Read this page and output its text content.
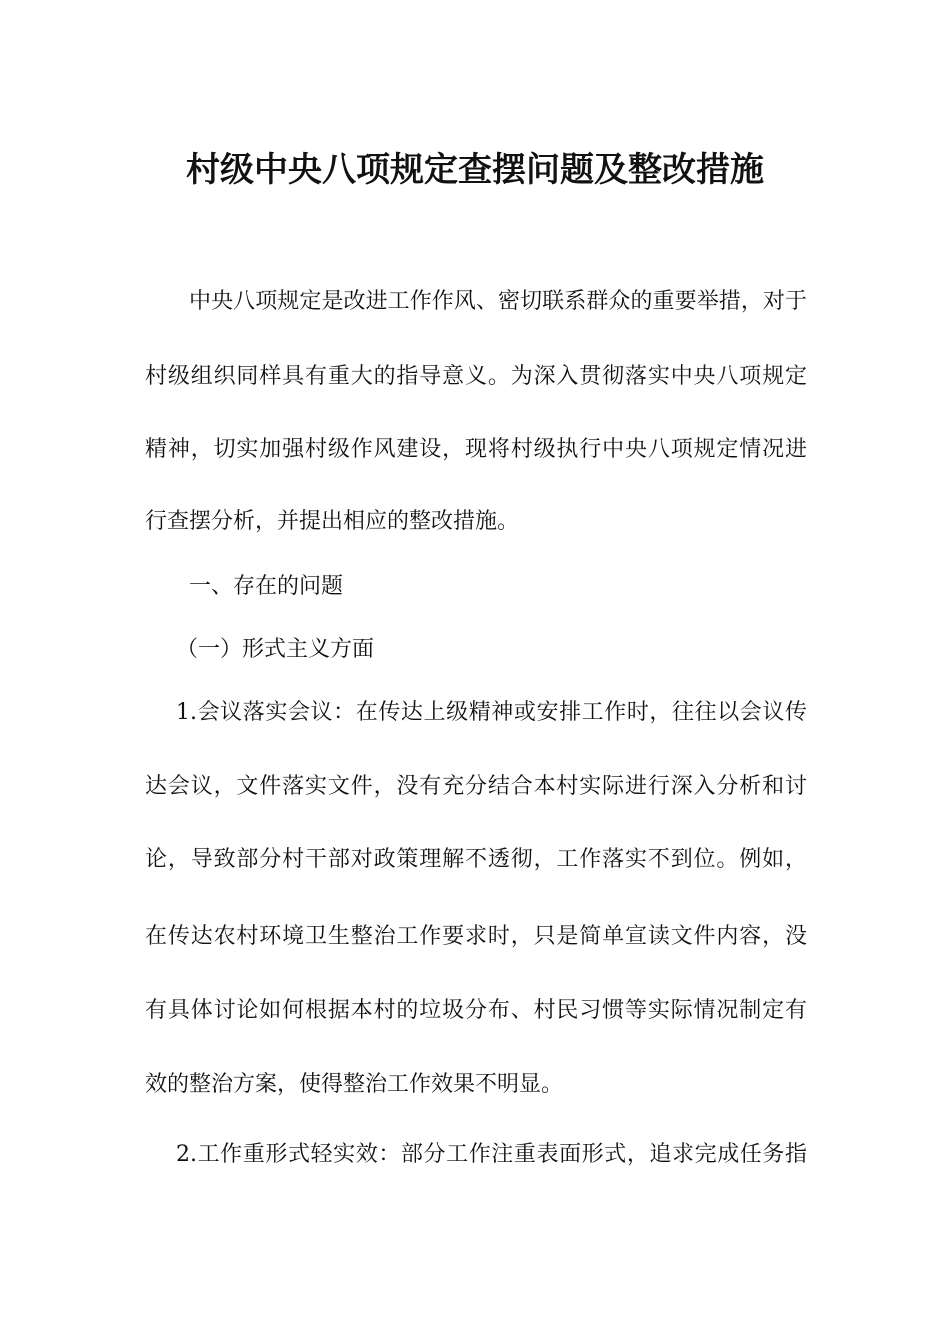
村级中央八项规定查摆问题及整改措施
中央八项规定是改进工作作风、密切联系群众的重要举措，对于
村级组织同样具有重大的指导意义。为深入贯彻落实中央八项规定
精神，切实加强村级作风建设，现将村级执行中央八项规定情况进
行查摆分析，并提出相应的整改措施。
一、存在的问题
（一）形式主义方面
1.会议落实会议：在传达上级精神或安排工作时，往往以会议传
达会议，文件落实文件，没有充分结合本村实际进行深入分析和讨
论，导致部分村干部对政策理解不透彻，工作落实不到位。例如，
在传达农村环境卫生整治工作要求时，只是简单宣读文件内容，没
有具体讨论如何根据本村的垃圾分布、村民习惯等实际情况制定有
效的整治方案，使得整治工作效果不明显。
2.工作重形式轻实效：部分工作注重表面形式，追求完成任务指
